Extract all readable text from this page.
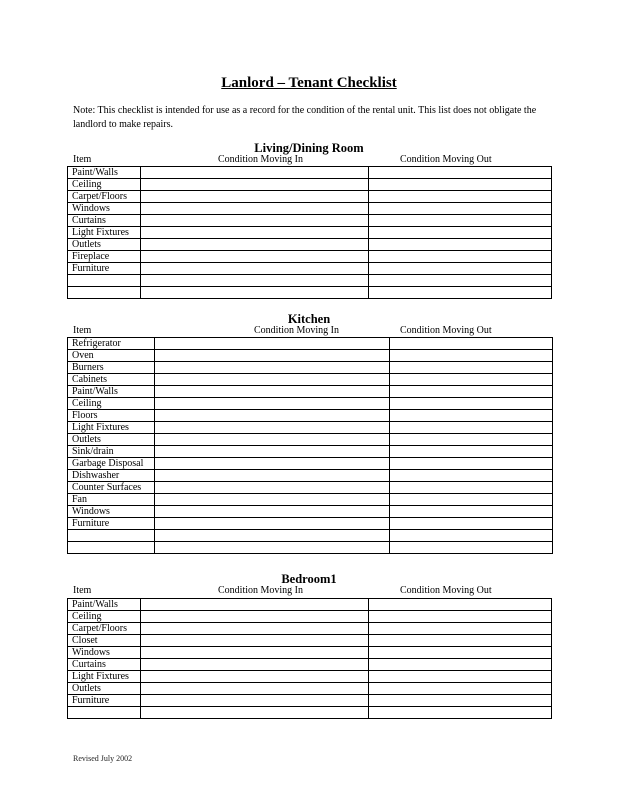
Lanlord – Tenant Checklist
Note: This checklist is intended for use as a record for the condition of the rental unit. This list does not obligate the landlord to make repairs.
Living/Dining Room
Item	Condition Moving In	Condition Moving Out
Paint/Walls		
Ceiling		
Carpet/Floors		
Windows		
Curtains		
Light Fixtures		
Outlets		
Fireplace		
Furniture		

Kitchen
Item	Condition Moving In	Condition Moving Out
Refrigerator		
Oven		
Burners		
Cabinets		
Paint/Walls		
Ceiling		
Floors		
Light Fixtures		
Outlets		
Sink/drain		
Garbage Disposal		
Dishwasher		
Counter Surfaces		
Fan		
Windows		
Furniture		

Bedroom1
Item	Condition Moving In	Condition Moving Out
Paint/Walls		
Ceiling		
Carpet/Floors		
Closet		
Windows		
Curtains		
Light Fixtures		
Outlets		
Furniture		

Revised July 2002
